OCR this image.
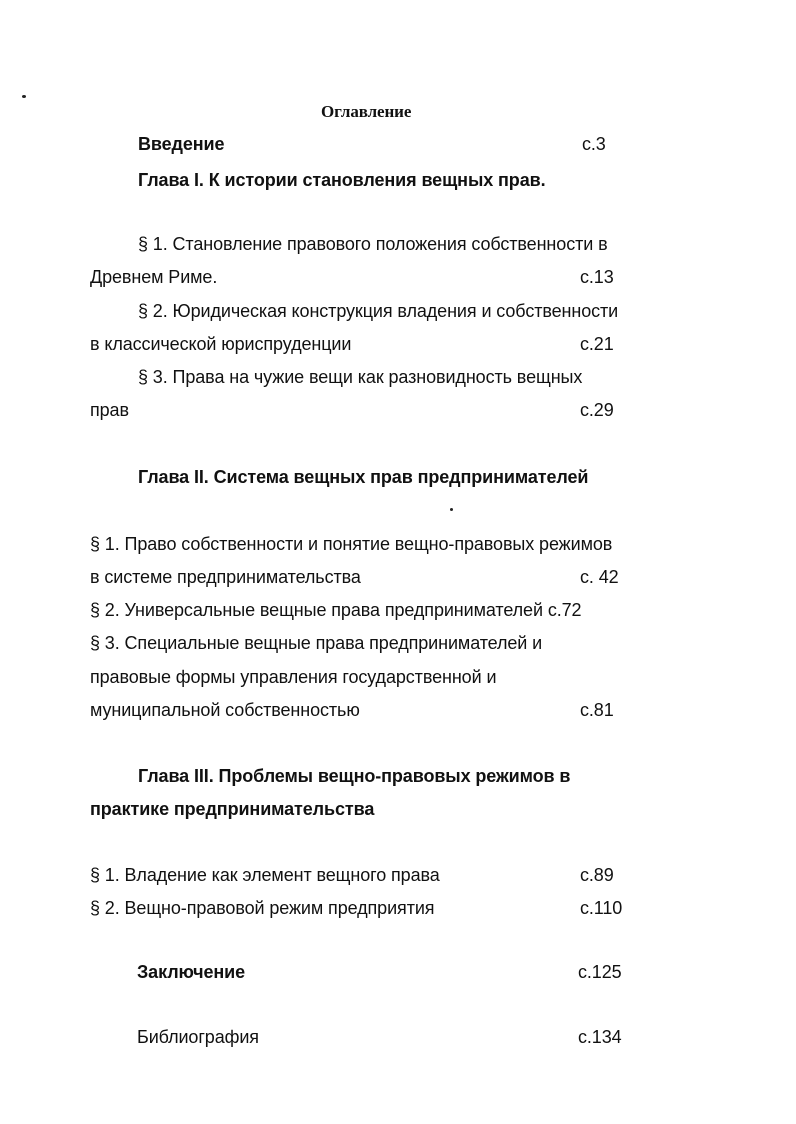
Оглавление
Введение	с.3
Глава I. К истории становления вещных прав.
§ 1. Становление правового положения собственности в
Древнем Риме.	с.13
§ 2. Юридическая конструкция владения и собственности
в классической юриспруденции	с.21
§ 3. Права на чужие вещи как разновидность вещных
прав	с.29
Глава II. Система вещных прав предпринимателей
§ 1. Право собственности и понятие вещно-правовых режимов
в системе предпринимательства	с. 42
§ 2. Универсальные вещные права предпринимателей с.72
§ 3. Специальные вещные права предпринимателей и
правовые формы управления государственной и
муниципальной собственностью	с.81
Глава III. Проблемы вещно-правовых режимов в
практике предпринимательства
§ 1. Владение как элемент вещного права	с.89
§ 2. Вещно-правовой режим предприятия	с.110
Заключение	с.125
Библиография	с.134
